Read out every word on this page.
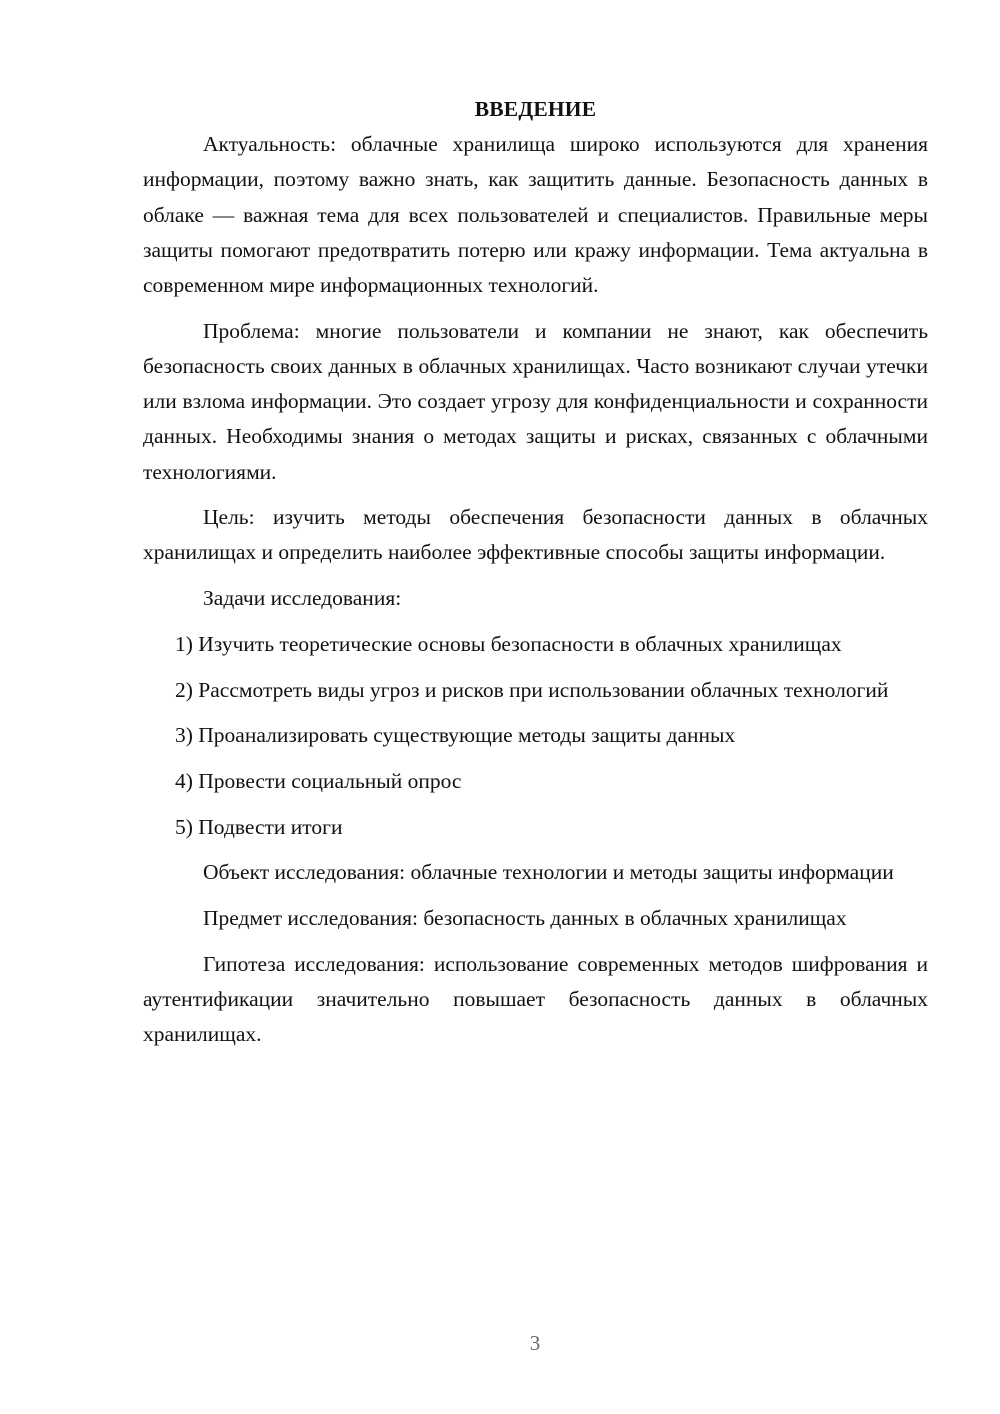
ВВЕДЕНИЕ

Актуальность: облачные хранилища широко используются для хранения информации, поэтому важно знать, как защитить данные. Безопасность данных в облаке — важная тема для всех пользователей и специалистов. Правильные меры защиты помогают предотвратить потерю или кражу информации. Тема актуальна в современном мире информационных технологий.

Проблема: многие пользователи и компании не знают, как обеспечить безопасность своих данных в облачных хранилищах. Часто возникают случаи утечки или взлома информации. Это создает угрозу для конфиденциальности и сохранности данных. Необходимы знания о методах защиты и рисках, связанных с облачными технологиями.

Цель: изучить методы обеспечения безопасности данных в облачных хранилищах и определить наиболее эффективные способы защиты информации.

Задачи исследования:

1) Изучить теоретические основы безопасности в облачных хранилищах

2) Рассмотреть виды угроз и рисков при использовании облачных технологий

3) Проанализировать существующие методы защиты данных

4) Провести социальный опрос

5) Подвести итоги

Объект исследования: облачные технологии и методы защиты информации

Предмет исследования: безопасность данных в облачных хранилищах

Гипотеза исследования: использование современных методов шифрования и аутентификации значительно повышает безопасность данных в облачных хранилищах.

3
